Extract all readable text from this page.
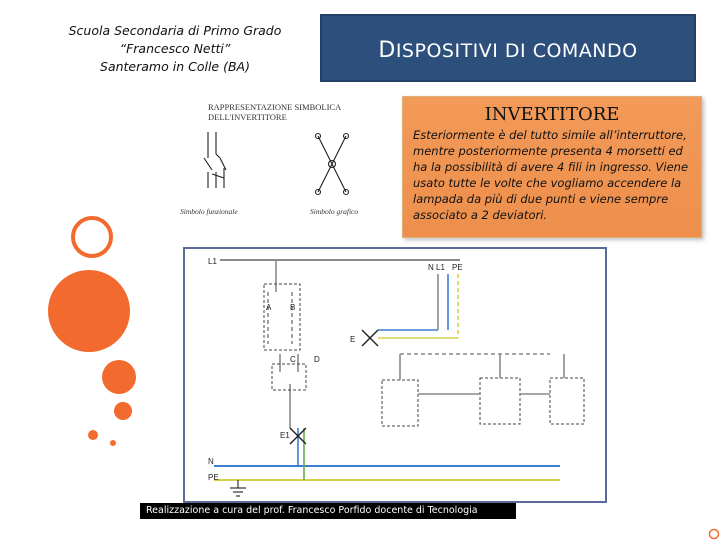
Scuola Secondaria di Primo Grado
“Francesco Netti”
Santeramo in Colle (BA)
DISPOSITIVI DI COMANDO
RAPPRESENTAZIONE SIMBOLICA
DELL'INVERTITORE
Simbolo funzionale	Simbolo grafico
INVERTITORE
Esteriormente è del tutto simile all’interruttore, mentre posteriormente presenta 4 morsetti ed ha la possibilità di avere 4 fili in ingresso. Viene usato tutte le volte che vogliamo accendere la lampada da più di due punti e viene sempre associato a 2 deviatori.
L1
N L1 PE
E
E1
N
PE
A B
C D
Realizzazione a cura del prof. Francesco Porfido docente di Tecnologia
